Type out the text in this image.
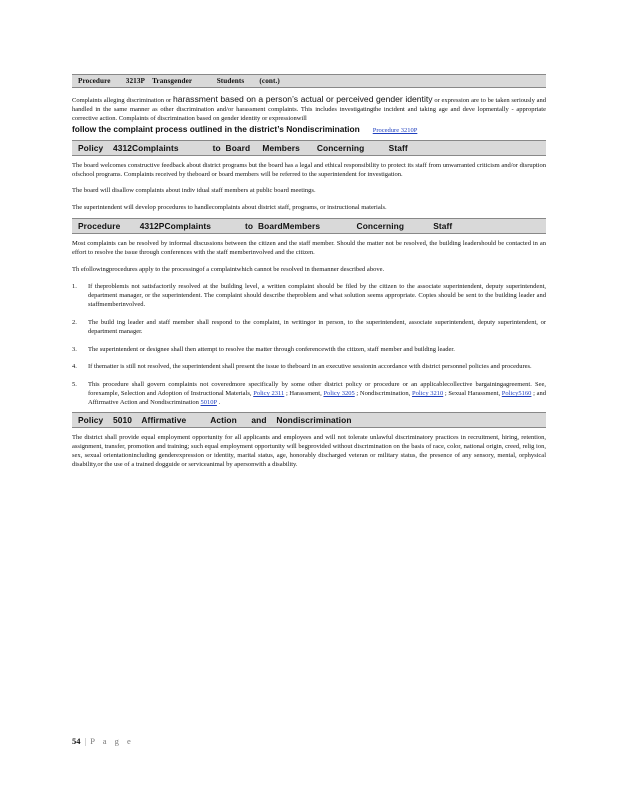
Procedure        3213P    Transgender             Students        (cont.)

Complaints alleging discrimination or harassment based on a person’s actual or perceived gender identity or expression are to be taken seriously and handled in the same manner as other discrimination and/or harassment complaints. This includes investigatingthe incident and taking age and deve lopmentally - appropriate corrective action. Complaints of discrimination based on gender identity or expressionwill

follow the complaint process outlined in the district’s Nondiscrimination Procedure 3210P

Policy    4312Complaints              to  Board     Members       Concerning          Staff

The board welcomes constructive feedback about district programs but the board has a legal and ethical responsibility to protect its staff from unwarranted criticism and/or disruption ofschool programs. Complaints received by theboard or board members will be referred to the superintendent for investigation.

The board will disallow complaints about indiv idual staff members at public board meetings.

The superintendent will develop procedures to handlecomplaints about district staff, programs, or instructional materials.

Procedure        4312PComplaints              to  BoardMembers               Concerning            Staff

Most complaints can be resolved by informal discussions between the citizen and the staff member. Should the matter not be resolved, the building leadershould be contacted in an effort to resolve the issue through conferences with the staff memberinvolved and the citizen.

Th efollowingprocedures apply to the processingof a complaintwhich cannot be resolved in themanner described above.

1. If theproblemis not satisfactorily resolved at the building level, a written complaint should be filed by the citizen to the associate superintendent, deputy superintendent, department manager, or the superintendent. The complaint should describe theproblem and what solution seems appropriate. Copies should be sent to the building leader and staffmemberinvolved.
2. The build ing leader and staff member shall respond to the complaint, in writingor in person, to the superintendent, associate superintendent, deputy superintendent, or department manager.
3. The superintendent or designee shall then attempt to resolve the matter through conferencewith the citizen, staff member and building leader.
4. If thematter is still not resolved, the superintendent shall present the issue to theboard in an executive sessionin accordance with district personnel policies and procedures.
5. This procedure shall govern complaints not coveredmore specifically by some other district policy or procedure or an applicablecollective bargainingagreement. See, forexample, Selection and Adoption of Instructional Materials, Policy 2311 ; Harassment, Policy 3205 ; Nondiscrimination, Policy 3210 ; Sexual Harassment, Policy5160 ; and Affirmative Action and Nondiscrimination 5010P .
Policy    5010    Affirmative          Action      and    Nondiscrimination

The district shall provide equal employment opportunity for all applicants and employees and will not tolerate unlawful discriminatory practices in recruitment, hiring, retention, assignment, transfer, promotion and training; such equal employment opportunity will begprovided without discrimination on the basis of race, color, national origin, creed, relig ion, sex, sexual orientationincluding genderexpression or identity, marital status, age, honorably discharged veteran or military status, the presence of any sensory, mental, orphysical disability,or the use of a trained dogguide or serviceanimal by apersonwith a disability.

54 | P a g e
